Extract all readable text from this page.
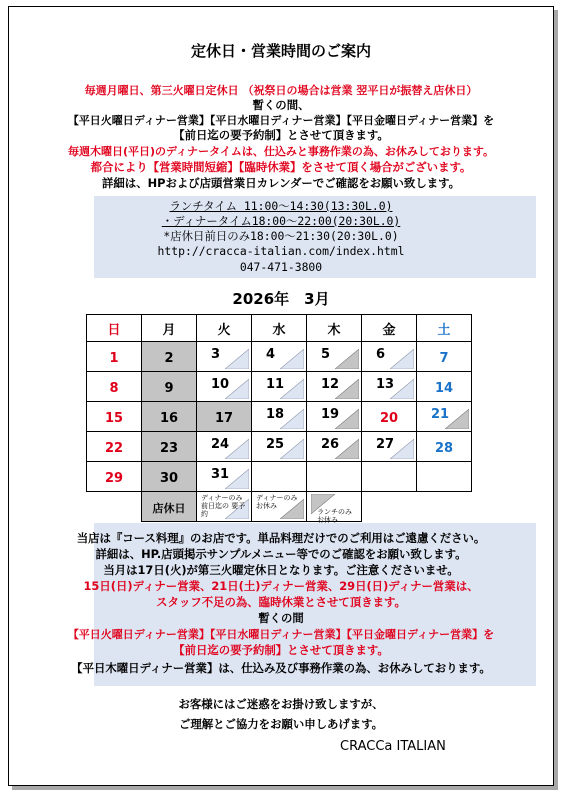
定休日・営業時間のご案内
毎週月曜日、第三火曜日定休日 （祝祭日の場合は営業 翌平日が振替え店休日）
暫くの間、
【平日火曜日ディナー営業】【平日水曜日ディナー営業】【平日金曜日ディナー営業】を
【前日迄の要予約制】とさせて頂きます。
毎週木曜日(平日)のディナータイムは、仕込みと事務作業の為、お休みしております。
都合により【営業時間短縮】【臨時休業】をさせて頂く場合がございます。
詳細は、HPおよび店頭営業日カレンダーでご確認をお願い致します。
ランチタイム 11:00～14:30(13:30L.0)
・ディナータイム18:00～22:00(20:30L.0)
*店休日前日のみ18:00～21:30(20:30L.0)
http://cracca-italian.com/index.html
047-471-3800
2026年　3月
日	月	火	水	木	金	土
1	2	3	4	5	6	7
8	9	10	11	12	13	14
15	16	17	18	19	20	21

22	23	24	25	26	27	28
29	30	31				

	店休日	ディナーのみ 前日迄の 要予約	ディナーのみ お休み	ランチのみ お休み		

当店は『コース料理』のお店です。単品料理だけでのご利用はご遠慮ください。
詳細は、HP.店頭掲示サンプルメニュー等でのご確認をお願い致します。
当月は17日(火)が第三火曜定休日となります。ご注意くださいませ。
15日(日)ディナー営業、21日(土)ディナー営業、29日(日)ディナー営業は、
スタッフ不足の為、臨時休業とさせて頂きます。
暫くの間
【平日火曜日ディナー営業】【平日水曜日ディナー営業】【平日金曜日ディナー営業】を
【前日迄の要予約制】とさせて頂きます。
【平日木曜日ディナー営業】は、仕込み及び事務作業の為、お休みしております。
お客様にはご迷惑をお掛け致しますが、
ご理解とご協力をお願い申しあげます。
CRACCa ITALIAN
